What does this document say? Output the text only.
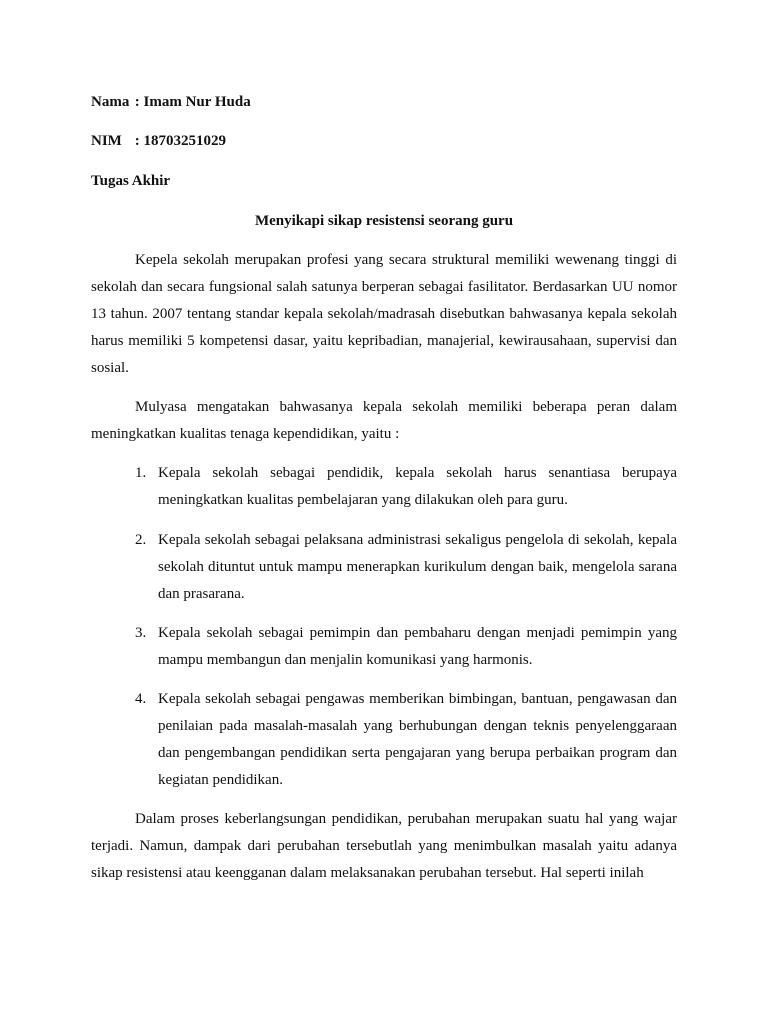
Nama : Imam Nur Huda
NIM : 18703251029
Tugas Akhir
Menyikapi sikap resistensi seorang guru

Kepela sekolah merupakan profesi yang secara struktural memiliki wewenang tinggi di sekolah dan secara fungsional salah satunya berperan sebagai fasilitator. Berdasarkan UU nomor 13 tahun. 2007 tentang standar kepala sekolah/madrasah disebutkan bahwasanya kepala sekolah harus memiliki 5 kompetensi dasar, yaitu kepribadian, manajerial, kewirausahaan, supervisi dan sosial.

Mulyasa mengatakan bahwasanya kepala sekolah memiliki beberapa peran dalam meningkatkan kualitas tenaga kependidikan, yaitu :

1. Kepala sekolah sebagai pendidik, kepala sekolah harus senantiasa berupaya meningkatkan kualitas pembelajaran yang dilakukan oleh para guru.
2. Kepala sekolah sebagai pelaksana administrasi sekaligus pengelola di sekolah, kepala sekolah dituntut untuk mampu menerapkan kurikulum dengan baik, mengelola sarana dan prasarana.
3. Kepala sekolah sebagai pemimpin dan pembaharu dengan menjadi pemimpin yang mampu membangun dan menjalin komunikasi yang harmonis.
4. Kepala sekolah sebagai pengawas memberikan bimbingan, bantuan, pengawasan dan penilaian pada masalah-masalah yang berhubungan dengan teknis penyelenggaraan dan pengembangan pendidikan serta pengajaran yang berupa perbaikan program dan kegiatan pendidikan.

Dalam proses keberlangsungan pendidikan, perubahan merupakan suatu hal yang wajar terjadi. Namun, dampak dari perubahan tersebutlah yang menimbulkan masalah yaitu adanya sikap resistensi atau keengganan dalam melaksanakan perubahan tersebut. Hal seperti inilah
